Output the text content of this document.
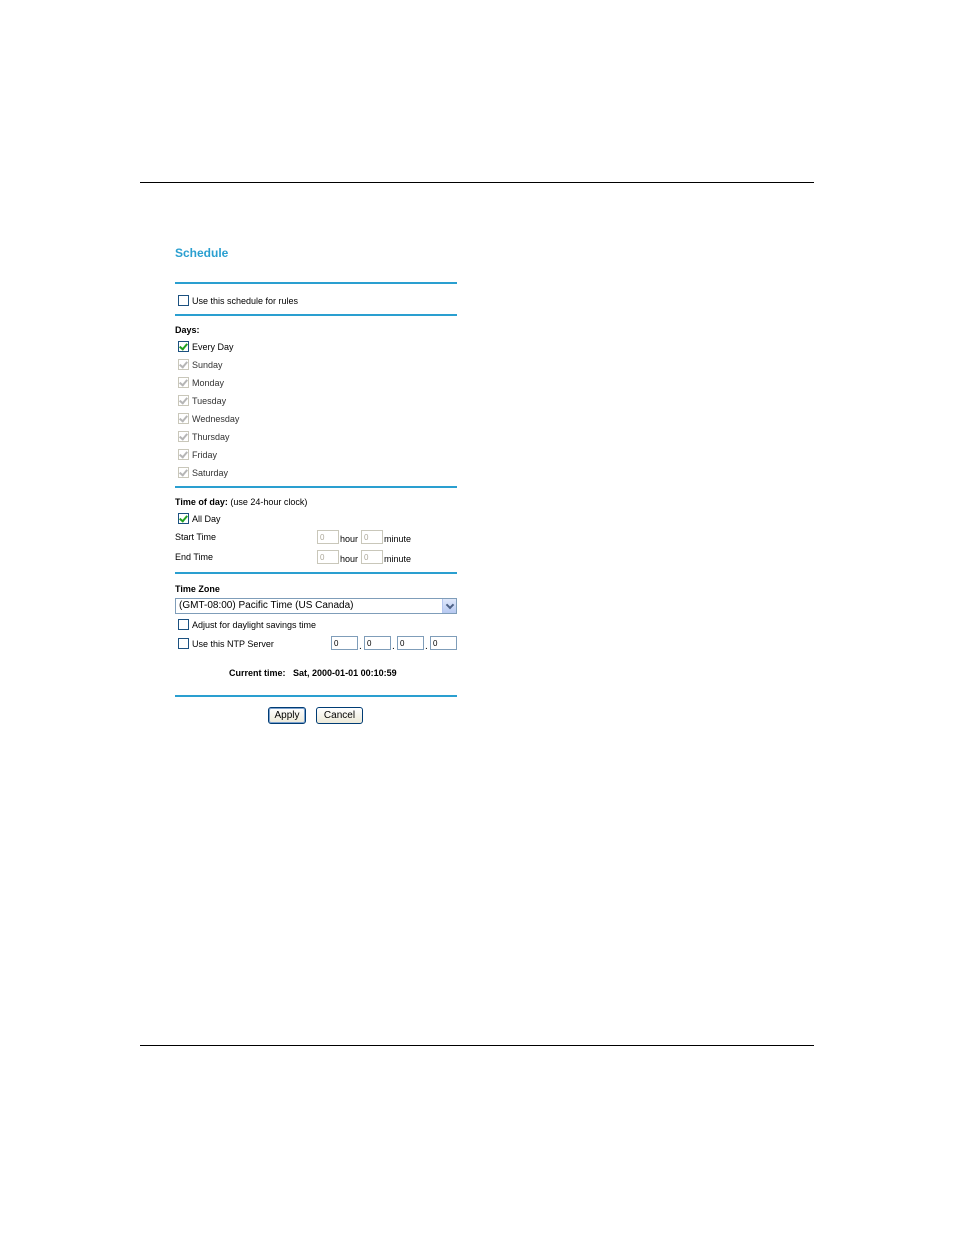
Schedule
Use this schedule for rules
Days:
Every Day
Sunday
Monday
Tuesday
Wednesday
Thursday
Friday
Saturday
Time of day: (use 24-hour clock)
All Day
Start Time	0	hour 0	minute
End Time	0	hour 0	minute
Time Zone
(GMT-08:00) Pacific Time (US Canada)
Adjust for daylight savings time
Use this NTP Server	0	. 0	. 0	. 0
Current time: Sat, 2000-01-01 00:10:59
Apply	Cancel
